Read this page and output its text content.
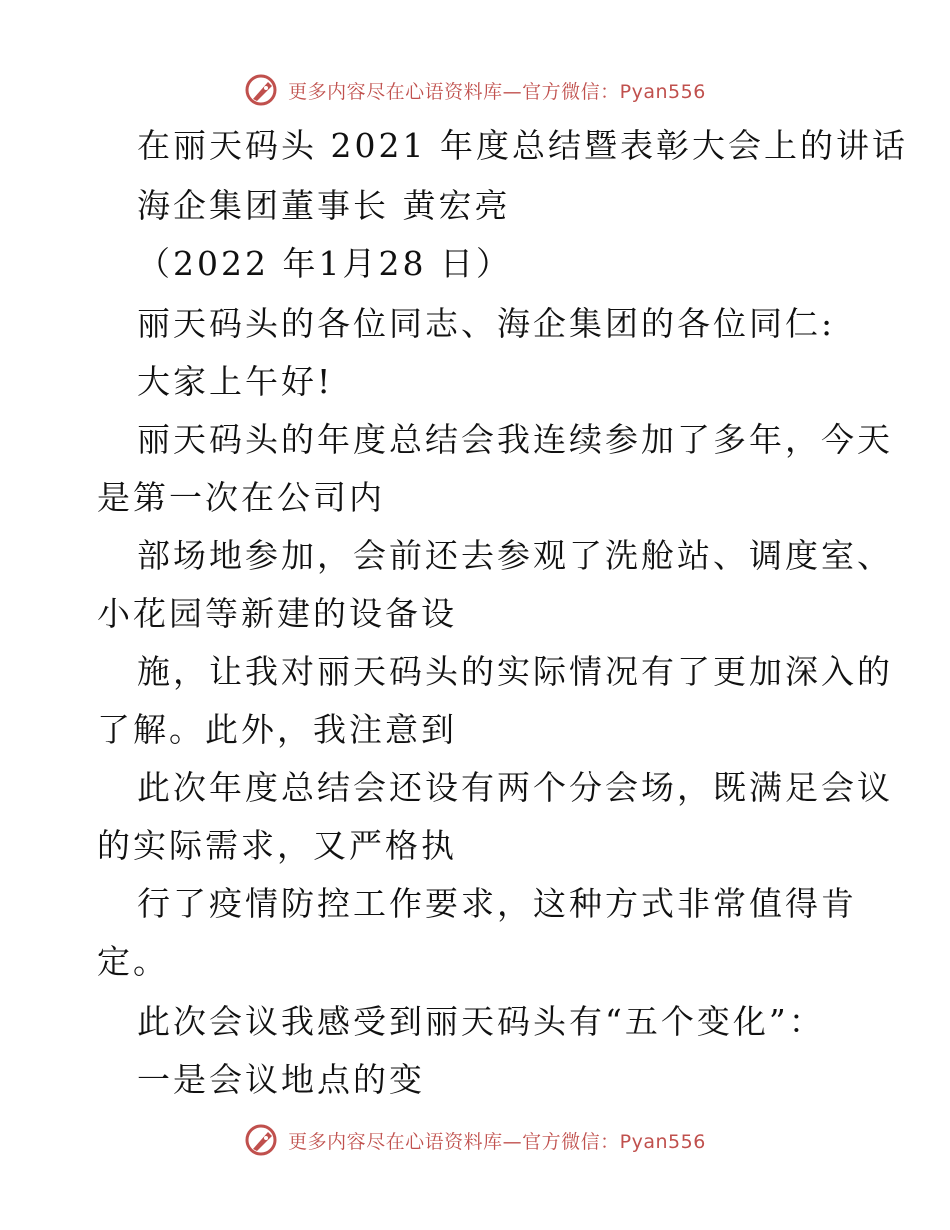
更多内容尽在心语资料库—官方微信：Pyan556
在丽天码头 2021 年度总结暨表彰大会上的讲话
海企集团董事长 黄宏亮
（2022 年1月28 日）
丽天码头的各位同志、海企集团的各位同仁:
大家上午好!
丽天码头的年度总结会我连续参加了多年，今天
是第一次在公司内
部场地参加，会前还去参观了洗舱站、调度室、
小花园等新建的设备设
施，让我对丽天码头的实际情况有了更加深入的
了解。此外，我注意到
此次年度总结会还设有两个分会场，既满足会议
的实际需求，又严格执
行了疫情防控工作要求，这种方式非常值得肯
定。
此次会议我感受到丽天码头有“五个变化”：
一是会议地点的变
更多内容尽在心语资料库—官方微信：Pyan556
